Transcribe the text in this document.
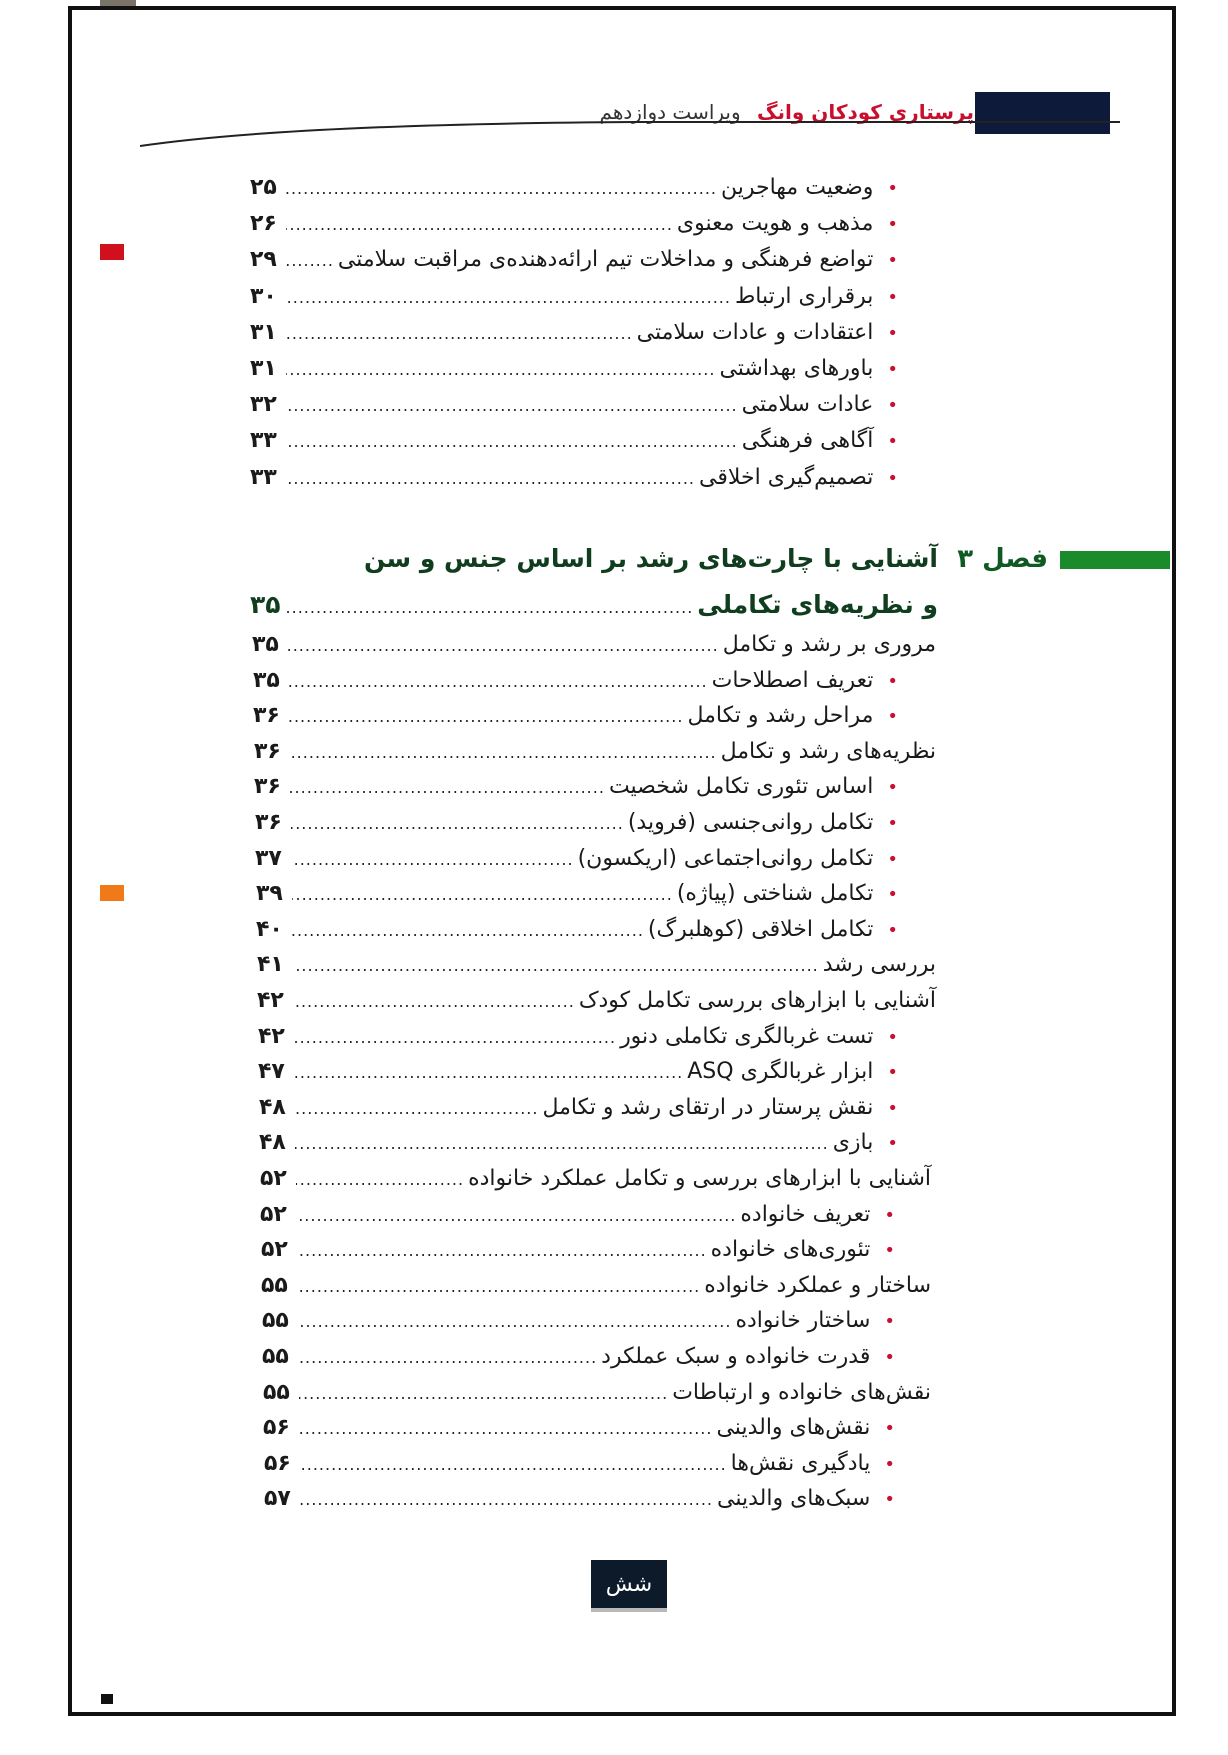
پرستاری کودکان وانگ ویراست دوازدهم
•
وضعیت مهاجرین
.....
۲۵
•
مذهب و هویت معنوی
.....
۲۶
•
تواضع فرهنگی و مداخلات تیم ارائه‌دهنده‌ی مراقبت سلامتی
.....
۲۹
•
برقراری ارتباط
.....
۳۰
•
اعتقادات و عادات سلامتی
.....
۳۱
•
باورهای بهداشتی
.....
۳۱
•
عادات سلامتی
.....
۳۲
•
آگاهی فرهنگی
.....
۳۳
•
تصمیم‌گیری اخلاقی
.....
۳۳
فصل ۳
آشنایی با چارت‌های رشد بر اساس جنس و سن
و نظریه‌های تکاملی
.....
۳۵
مروری بر رشد و تکامل
.....
۳۵
•
تعریف اصطلاحات
.....
۳۵
•
مراحل رشد و تکامل
.....
۳۶
نظریه‌های رشد و تکامل
.....
۳۶
•
اساس تئوری تکامل شخصیت
.....
۳۶
•
تکامل روانی‌جنسی (فروید)
.....
۳۶
•
تکامل روانی‌اجتماعی (اریکسون)
.....
۳۷
•
تکامل شناختی (پیاژه)
.....
۳۹
•
تکامل اخلاقی (کوهلبرگ)
.....
۴۰
بررسی رشد
.....
۴۱
آشنایی با ابزارهای بررسی تکامل کودک
.....
۴۲
•
تست غربالگری تکاملی دنور
.....
۴۲
•
ابزار غربالگری ASQ
.....
۴۷
•
نقش پرستار در ارتقای رشد و تکامل
.....
۴۸
•
بازی
.....
۴۸
آشنایی با ابزارهای بررسی و تکامل عملکرد خانواده
.....
۵۲
•
تعریف خانواده
.....
۵۲
•
تئوری‌های خانواده
.....
۵۲
ساختار و عملکرد خانواده
.....
۵۵
•
ساختار خانواده
.....
۵۵
•
قدرت خانواده و سبک عملکرد
.....
۵۵
نقش‌های خانواده و ارتباطات
.....
۵۵
•
نقش‌های والدینی
.....
۵۶
•
یادگیری نقش‌ها
.....
۵۶
•
سبک‌های والدینی
.....
۵۷
شش
